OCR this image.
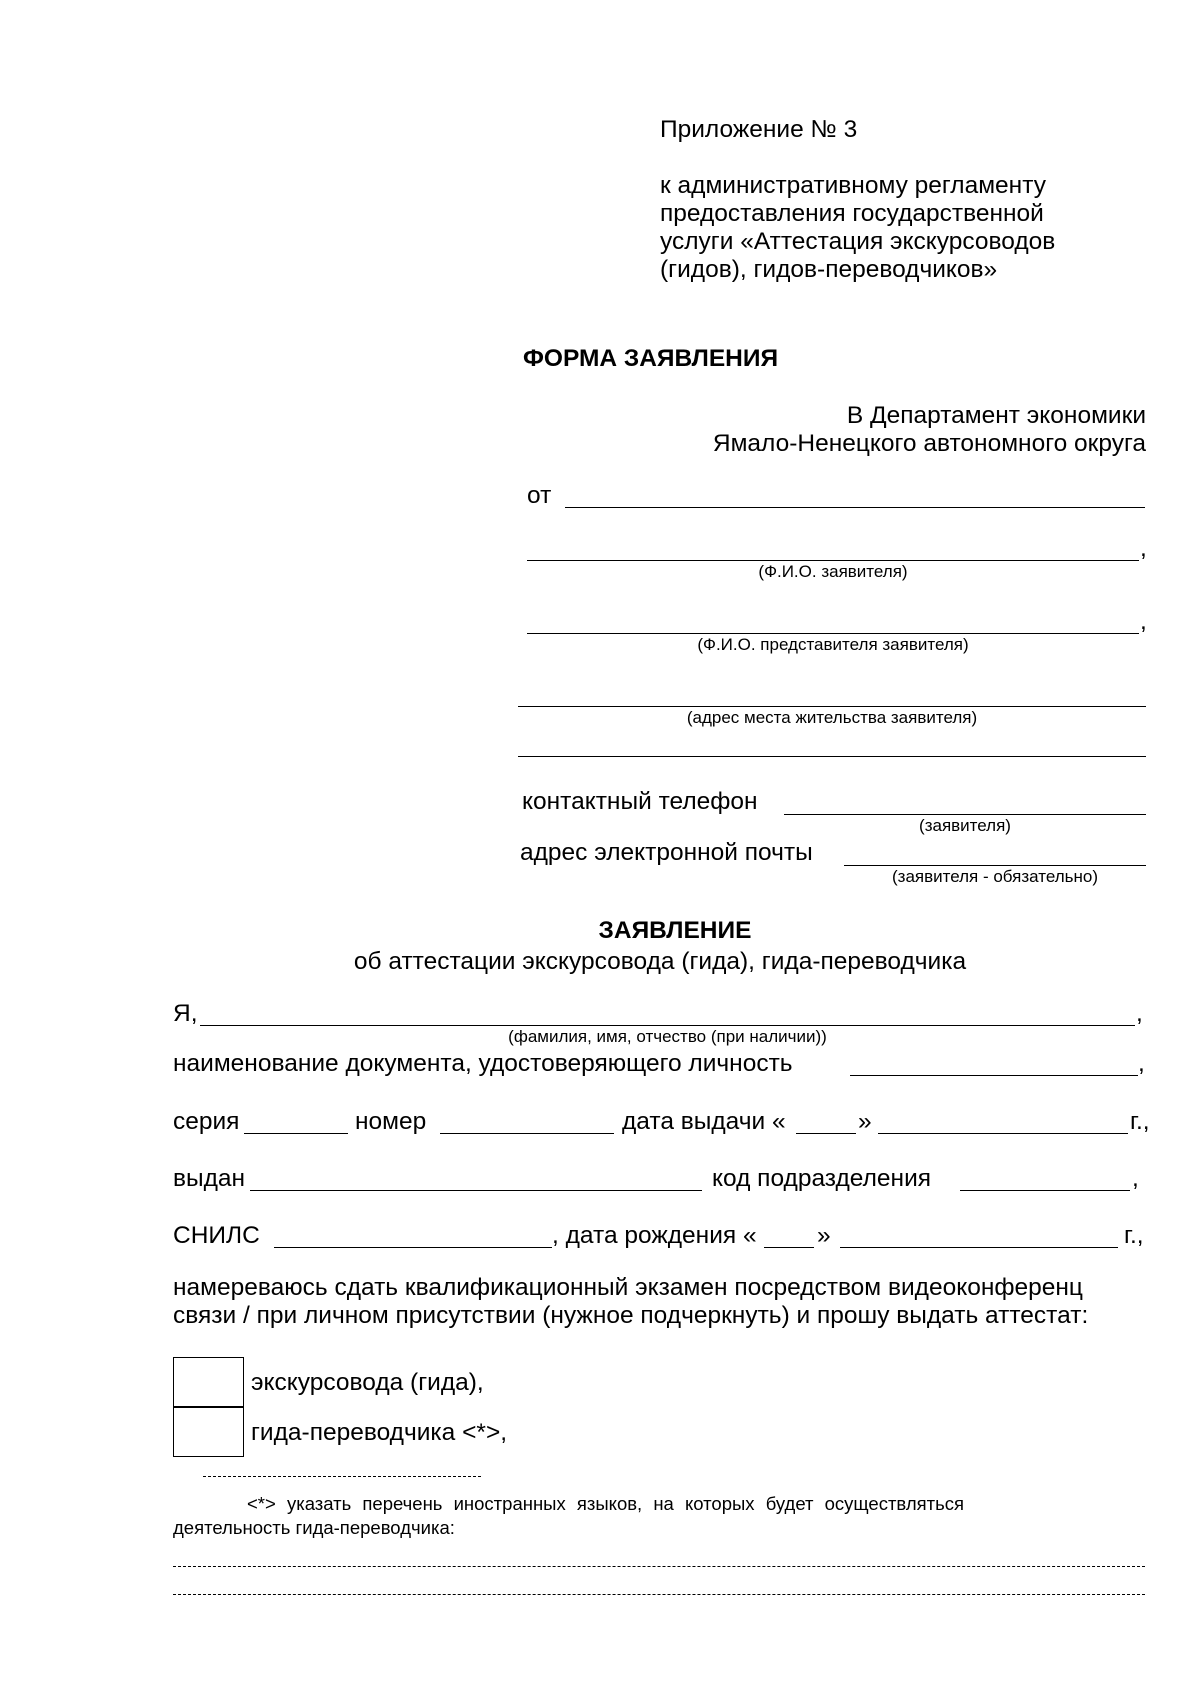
Приложение № 3
к административному регламенту
предоставления государственной
услуги «Аттестация экскурсоводов
(гидов), гидов-переводчиков»
ФОРМА ЗАЯВЛЕНИЯ
В Департамент экономики
Ямало-Ненецкого автономного округа
от
,
(Ф.И.О. заявителя)
,
(Ф.И.О. представителя заявителя)
(адрес места жительства заявителя)
контактный телефон
(заявителя)
адрес электронной почты
(заявителя - обязательно)
ЗАЯВЛЕНИЕ
об аттестации экскурсовода (гида), гида-переводчика
Я,	,
(фамилия, имя, отчество (при наличии))
наименование документа, удостоверяющего личность	,
серия	номер	дата выдачи «	»	г.,
выдан	код подразделения	,
СНИЛС	, дата рождения « »	г.,
намереваюсь сдать квалификационный экзамен посредством видеоконференц
связи / при личном присутствии (нужное подчеркнуть) и прошу выдать аттестат:
экскурсовода (гида),
гида-переводчика <*>,
<*> указать перечень иностранных языков, на которых будет осуществляться
деятельность гида-переводчика:
